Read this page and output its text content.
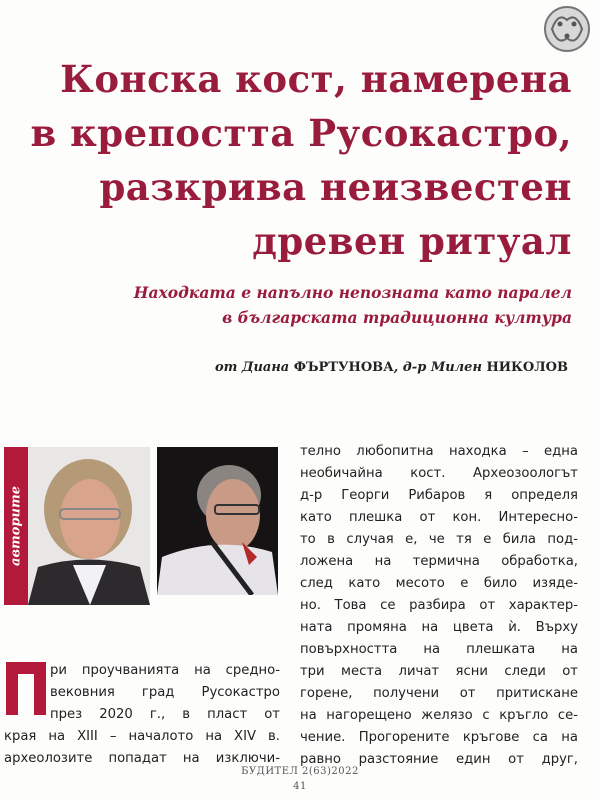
Конска кост, намерена
в крепостта Русокастро,
разкрива неизвестен
древен ритуал
Находката е напълно непозната като паралел
в българската традиционна култура
от Диана ФЪРТУНОВА, д-р Милен НИКОЛОВ
авторите
ри проучванията на средно-
вековния град Русокастро
през 2020 г., в пласт от
края на XIII – началото на XIV в.
археолозите попадат на изключи-
телно любопитна находка – една
необичайна кост. Археозоологът
д-р Георги Рибаров я определя
като плешка от кон. Интересно-
то в случая е, че тя е била под-
ложена на термична обработка,
след като месото е било изяде-
но. Това се разбира от характер-
ната промяна на цвета ѝ. Върху
повърхността на плешката на
три места личат ясни следи от
горене, получени от притискане
на нагорещено желязо с кръгло се-
чение. Прогорените кръгове са на
равно разстояние един от друг,
БУДИТЕЛ 2(63)2022
41
